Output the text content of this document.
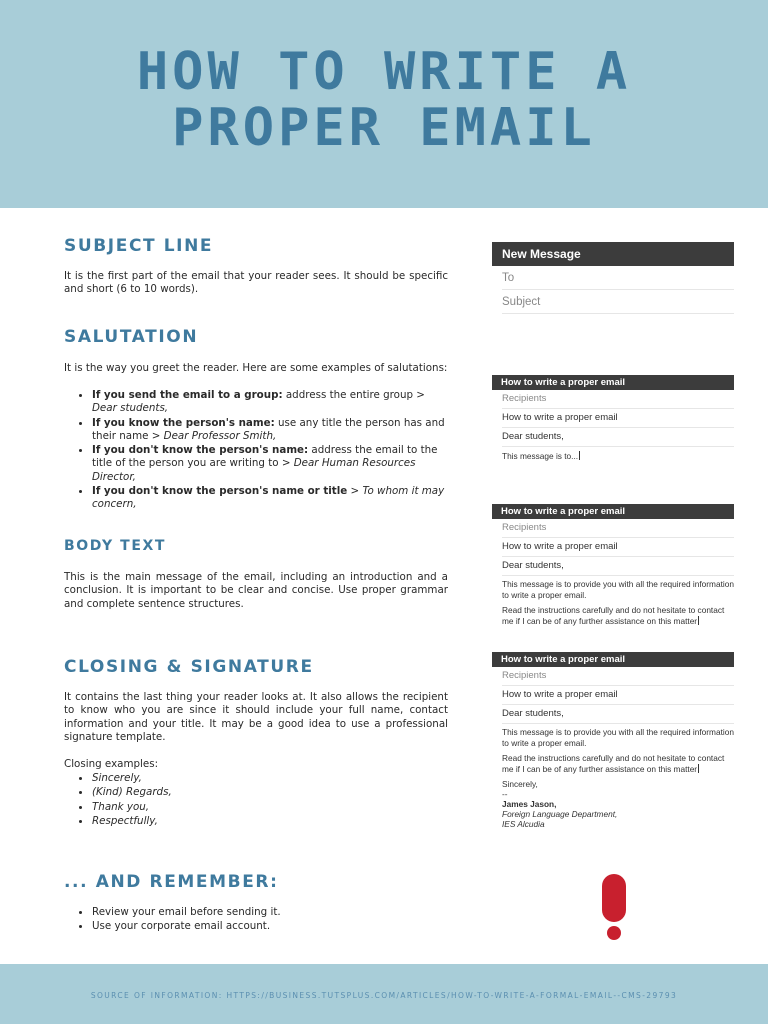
HOW TO WRITE A
PROPER EMAIL
SUBJECT LINE

It is the first part of the email that your reader sees. It should be specific and short (6 to 10 words).

SALUTATION

It is the way you greet the reader. Here are some examples of salutations:

• If you send the email to a group: address the entire group > Dear students,
• If you know the person's name: use any title the person has and their name > Dear Professor Smith,
• If you don't know the person's name: address the email to the title of the person you are writing to > Dear Human Resources Director,
• If you don't know the person's name or title > To whom it may concern,
BODY TEXT

This is the main message of the email, including an introduction and a conclusion. It is important to be clear and concise. Use proper grammar and complete sentence structures.

CLOSING & SIGNATURE

It contains the last thing your reader looks at. It also allows the recipient to know who you are since it should include your full name, contact information and your title. It may be a good idea to use a professional signature template.

Closing examples:

• Sincerely,
• (Kind) Regards,
• Thank you,
• Respectfully,
... AND REMEMBER:
• Review your email before sending it.
• Use your corporate email account.
New Message
To
Subject
How to write a proper email
Recipients
How to write a proper email
Dear students,
This message is to...
How to write a proper email
Recipients
How to write a proper email
Dear students,

This message is to provide you with all the required information to write a proper email.

Read the instructions carefully and do not hesitate to contact me if I can be of any further assistance on this matter

How to write a proper email
Recipients
How to write a proper email
Dear students,

This message is to provide you with all the required information to write a proper email.

Read the instructions carefully and do not hesitate to contact me if I can be of any further assistance on this matter

Sincerely,
--
James Jason,
Foreign Language Department,
IES Alcudia
SOURCE OF INFORMATION: HTTPS://BUSINESS.TUTSPLUS.COM/ARTICLES/HOW-TO-WRITE-A-FORMAL-EMAIL--CMS-29793
